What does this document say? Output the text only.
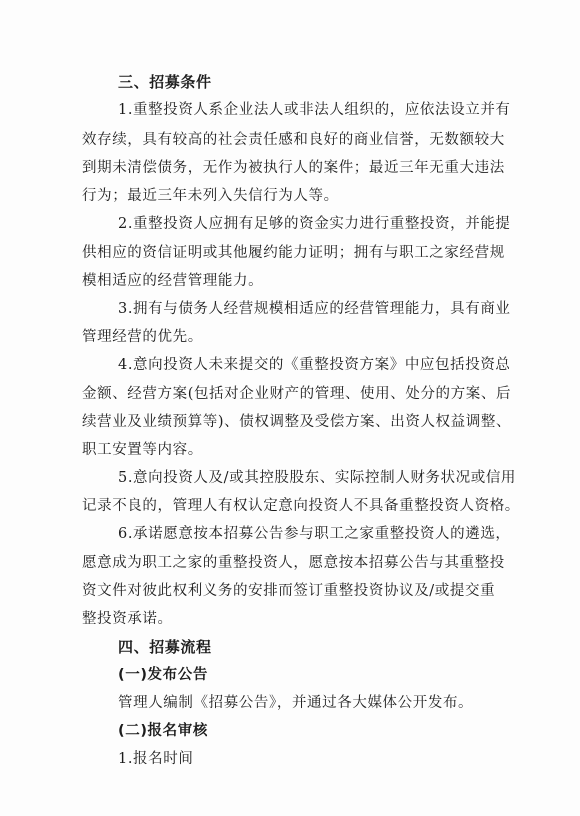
三、招募条件
1.重整投资人系企业法人或非法人组织的，应依法设立并有
效存续，具有较高的社会责任感和良好的商业信誉，无数额较大
到期未清偿债务，无作为被执行人的案件；最近三年无重大违法
行为；最近三年未列入失信行为人等。
2.重整投资人应拥有足够的资金实力进行重整投资，并能提
供相应的资信证明或其他履约能力证明；拥有与职工之家经营规
模相适应的经营管理能力。
3.拥有与债务人经营规模相适应的经营管理能力，具有商业
管理经营的优先。
4.意向投资人未来提交的《重整投资方案》中应包括投资总
金额、经营方案(包括对企业财产的管理、使用、处分的方案、后
续营业及业绩预算等)、债权调整及受偿方案、出资人权益调整、
职工安置等内容。
5.意向投资人及/或其控股股东、实际控制人财务状况或信用
记录不良的，管理人有权认定意向投资人不具备重整投资人资格。
6.承诺愿意按本招募公告参与职工之家重整投资人的遴选，
愿意成为职工之家的重整投资人，愿意按本招募公告与其重整投
资文件对彼此权利义务的安排而签订重整投资协议及/或提交重
整投资承诺。
四、招募流程
(一)发布公告
管理人编制《招募公告》，并通过各大媒体公开发布。
(二)报名审核
1.报名时间
